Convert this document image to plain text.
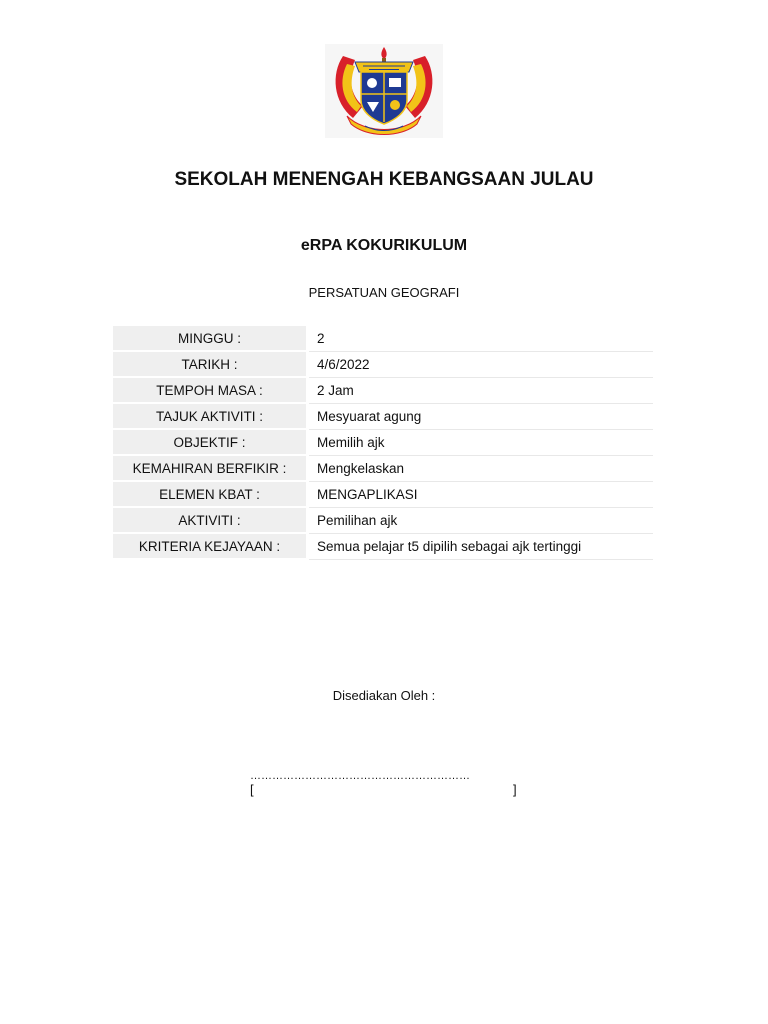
SEKOLAH MENENGAH KEBANGSAAN JULAU
eRPA KOKURIKULUM
PERSATUAN GEOGRAFI
MINGGU :		2
TARIKH :		4/6/2022
TEMPOH MASA :		2 Jam
TAJUK AKTIVITI :		Mesyuarat agung
OBJEKTIF :		Memilih ajk
KEMAHIRAN BERFIKIR :		Mengkelaskan
ELEMEN KBAT :		MENGAPLIKASI
AKTIVITI :		Pemilihan ajk
KRITERIA KEJAYAAN :		Semua pelajar t5 dipilih sebagai ajk tertinggi
Disediakan Oleh :
……………………………………………………
[	]
